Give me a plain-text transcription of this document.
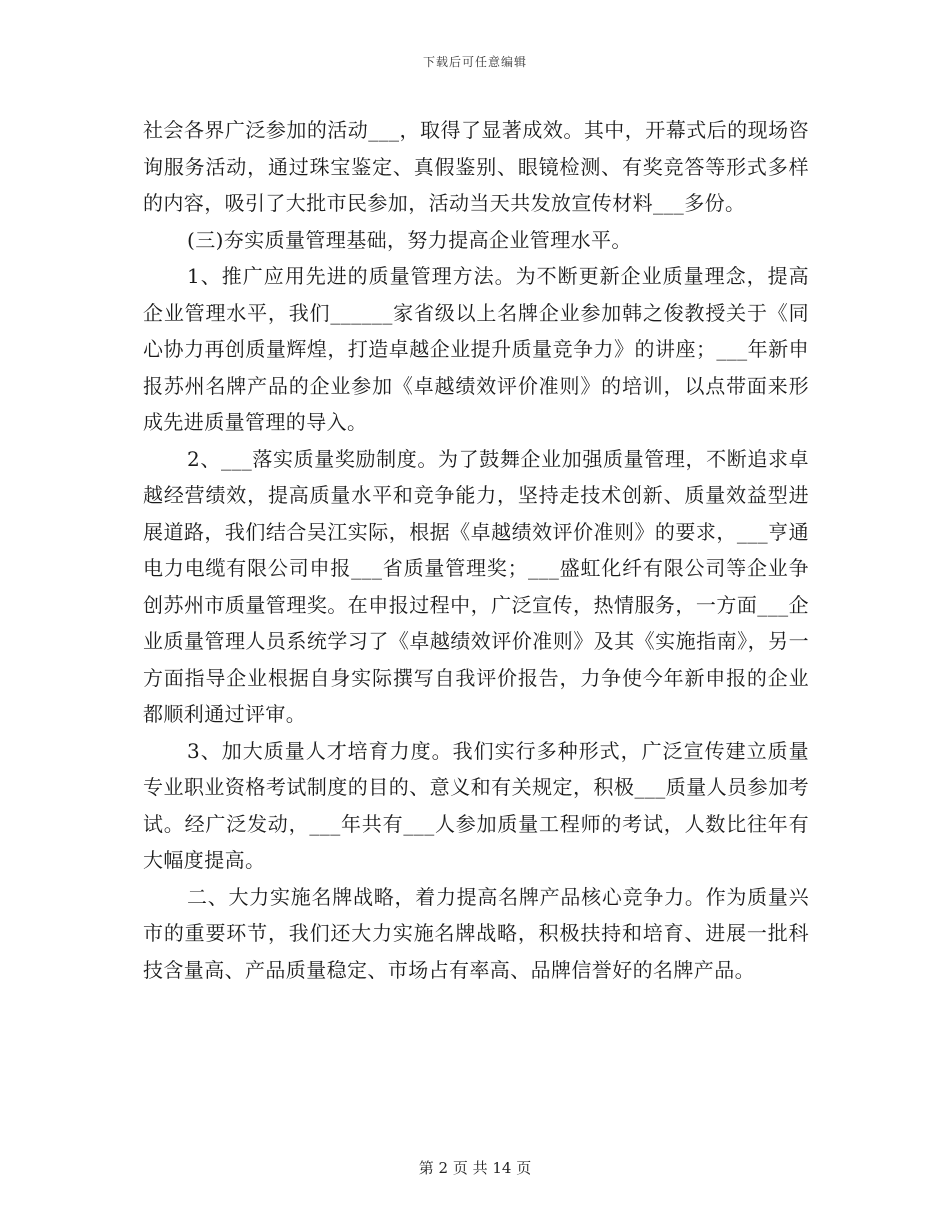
下载后可任意编辑

社会各界广泛参加的活动___，取得了显著成效。其中，开幕式后的现场咨询服务活动，通过珠宝鉴定、真假鉴别、眼镜检测、有奖竞答等形式多样的内容，吸引了大批市民参加，活动当天共发放宣传材料___多份。

(三)夯实质量管理基础，努力提高企业管理水平。

1、推广应用先进的质量管理方法。为不断更新企业质量理念，提高企业管理水平，我们______家省级以上名牌企业参加韩之俊教授关于《同心协力再创质量辉煌，打造卓越企业提升质量竞争力》的讲座；___年新申报苏州名牌产品的企业参加《卓越绩效评价准则》的培训，以点带面来形成先进质量管理的导入。

2、___落实质量奖励制度。为了鼓舞企业加强质量管理，不断追求卓越经营绩效，提高质量水平和竞争能力，坚持走技术创新、质量效益型进展道路，我们结合吴江实际，根据《卓越绩效评价准则》的要求，___亨通电力电缆有限公司申报___省质量管理奖；___盛虹化纤有限公司等企业争创苏州市质量管理奖。在申报过程中，广泛宣传，热情服务，一方面___企业质量管理人员系统学习了《卓越绩效评价准则》及其《实施指南》，另一方面指导企业根据自身实际撰写自我评价报告，力争使今年新申报的企业都顺利通过评审。

3、加大质量人才培育力度。我们实行多种形式，广泛宣传建立质量专业职业资格考试制度的目的、意义和有关规定，积极___质量人员参加考试。经广泛发动，___年共有___人参加质量工程师的考试，人数比往年有大幅度提高。

二、大力实施名牌战略，着力提高名牌产品核心竞争力。作为质量兴市的重要环节，我们还大力实施名牌战略，积极扶持和培育、进展一批科技含量高、产品质量稳定、市场占有率高、品牌信誉好的名牌产品。

第 2 页 共 14 页
